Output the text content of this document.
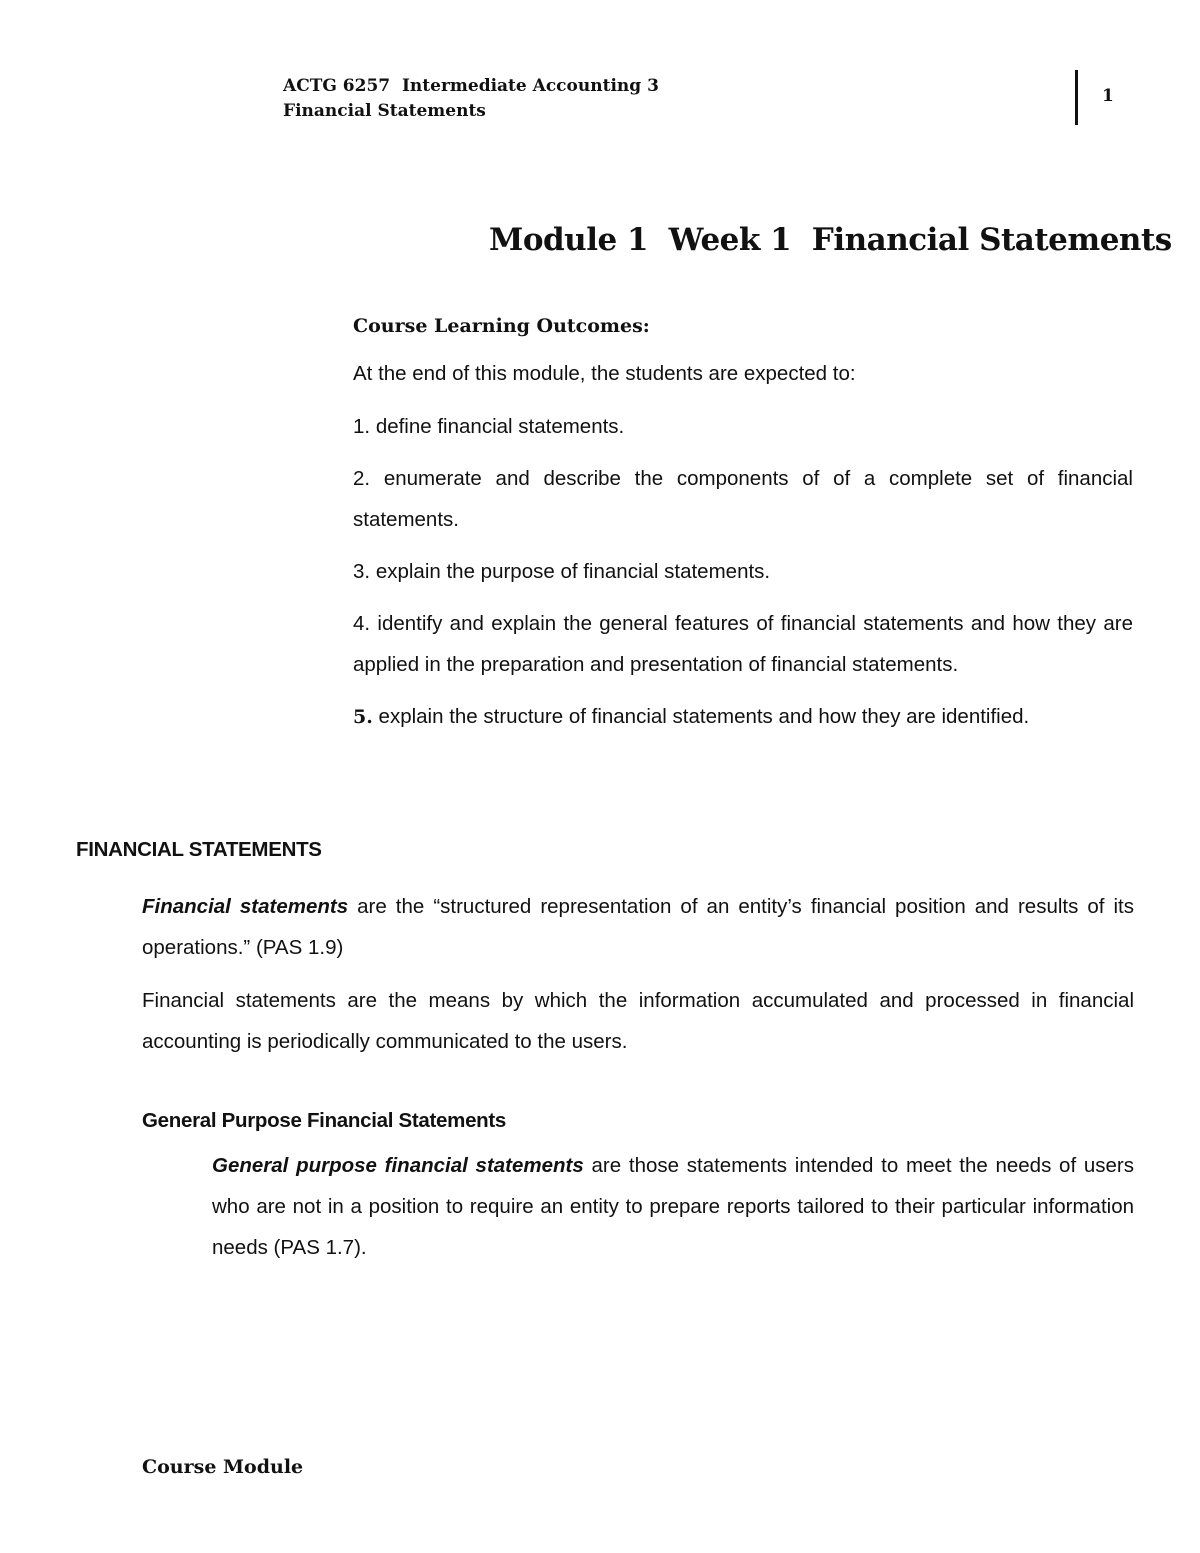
ACTG 6257  Intermediate Accounting 3
Financial Statements
1
Module 1  Week 1  Financial Statements
Course Learning Outcomes:

At the end of this module, the students are expected to:

1. define financial statements.

2. enumerate and describe the components of of a complete set of financial statements.

3. explain the purpose of financial statements.

4. identify and explain the general features of financial statements and how they are applied in the preparation and presentation of financial statements.

5. explain the structure of financial statements and how they are identified.

FINANCIAL STATEMENTS

Financial statements are the “structured representation of an entity’s financial position and results of its operations.” (PAS 1.9)

Financial statements are the means by which the information accumulated and processed in financial accounting is periodically communicated to the users.

General Purpose Financial Statements

General purpose financial statements are those statements intended to meet the needs of users who are not in a position to require an entity to prepare reports tailored to their particular information needs (PAS 1.7).

Course Module
